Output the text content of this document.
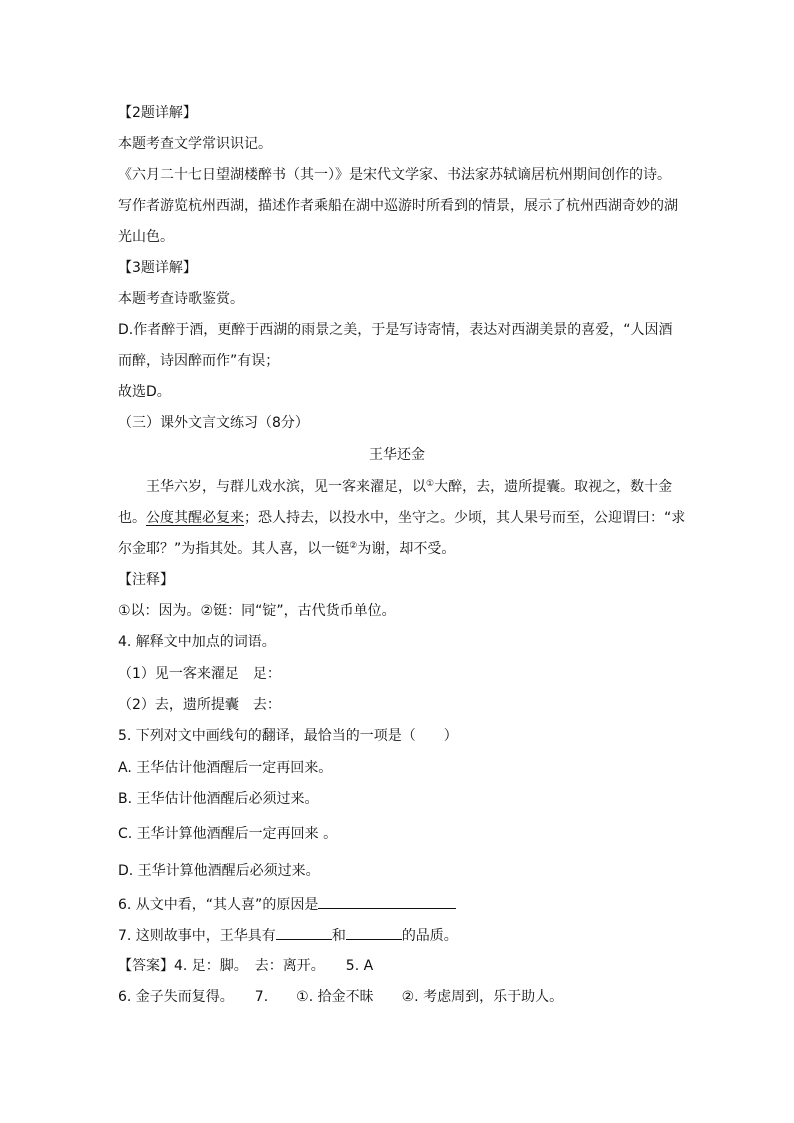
【2题详解】
本题考查文学常识识记。
《六月二十七日望湖楼醉书（其一）》是宋代文学家、书法家苏轼谪居杭州期间创作的诗。
写作者游览杭州西湖，描述作者乘船在湖中巡游时所看到的情景，展示了杭州西湖奇妙的湖
光山色。
【3题详解】
本题考查诗歌鉴赏。
D.作者醉于酒，更醉于西湖的雨景之美，于是写诗寄情，表达对西湖美景的喜爱，“人因酒
而醉，诗因醉而作”有误；
故选D。
（三）课外文言文练习（8分）
王华还金
王华六岁，与群儿戏水滨，见一客来濯足，以①大醉，去，遗所提囊。取视之，数十金
也。公度其醒必复来；恐人持去，以投水中，坐守之。少顷，其人果号而至，公迎谓曰：“求
尔金耶？”为指其处。其人喜，以一铤②为谢，却不受。
【注释】
①以：因为。②铤：同“锭”，古代货币单位。
4. 解释文中加点的词语。
（1）见一客来濯足　足：
（2）去，遗所提囊　去：
5. 下列对文中画线句的翻译，最恰当的一项是（　　）
A. 王华估计他酒醒后一定再回来。
B. 王华估计他酒醒后必须过来。
C. 王华计算他酒醒后一定再回来 。
D. 王华计算他酒醒后必须过来。
6. 从文中看，“其人喜”的原因是
7. 这则故事中，王华具有	和	的品质。
【答案】4. 足：脚。　去：离开。　　5. A
6. 金子失而复得。　　7.　　①. 拾金不昧　　②. 考虑周到，乐于助人。
